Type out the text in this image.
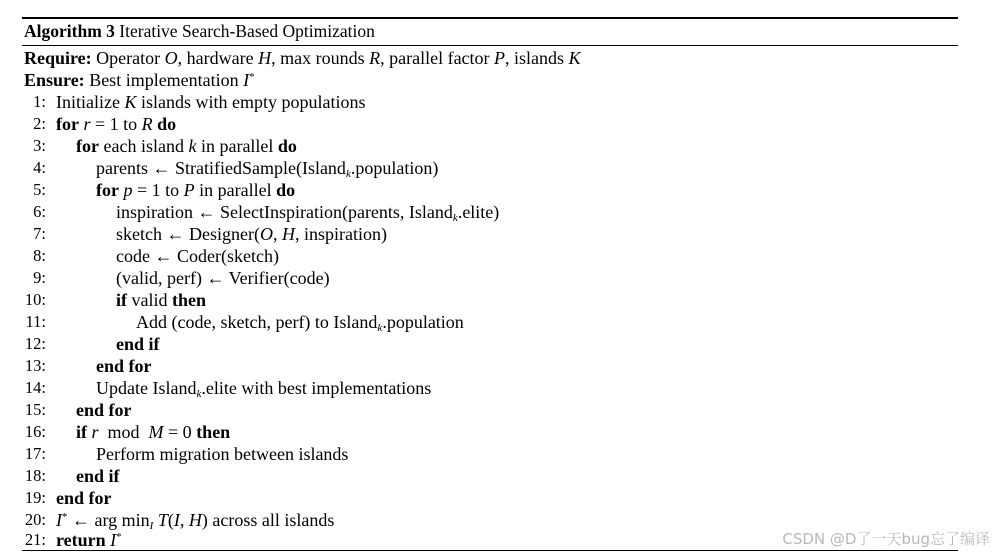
Algorithm 3 Iterative Search-Based Optimization
Require: Operator O, hardware H, max rounds R, parallel factor P, islands K
Ensure: Best implementation I*
1: Initialize K islands with empty populations
2: for r = 1 to R do
3: for each island k in parallel do
4:	parents ← StratifiedSample(Island$_k$.population)
5:	for p = 1 to P in parallel do
6:	inspiration ← SelectInspiration(parents, Island$_k$.elite)
7:	sketch ← Designer(O, H, inspiration)
8:	code ← Coder(sketch)
9:	(valid, perf) ← Verifier(code)
10:	if valid then
11:	Add (code, sketch, perf) to Island$_k$.population
12:	end if
13:	end for
14:	Update Island$_k$.elite with best implementations
15: end for
16: if r mod M = 0 then
17:	Perform migration between islands
18: end if
19: end for
20: I* ← arg $\min_I T(I$, H) across all islands
21: return I*	CSDN @D了一天bug忘了编译
